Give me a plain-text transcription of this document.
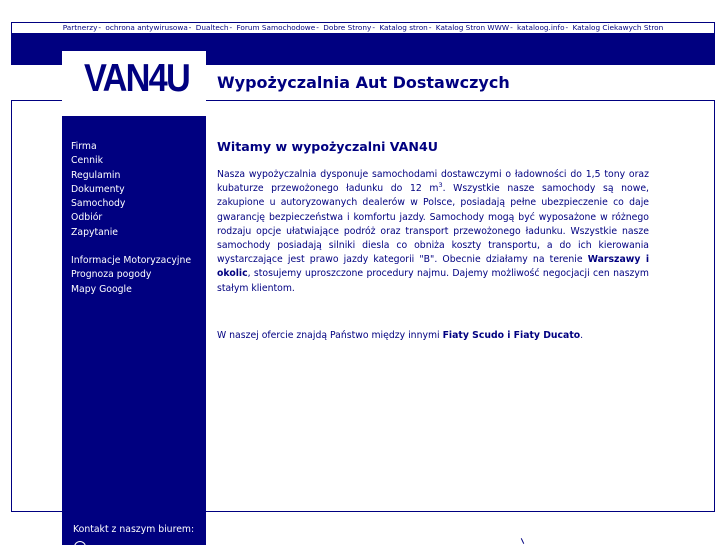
Partnerzy- ochrona antywirusowa- Dualtech- Forum Samochodowe- Dobre Strony- Katalog stron- Katalog Stron WWW- kataloog.info- Katalog Ciekawych Stron
VAN4U Wypożyczalnia Aut Dostawczych
Firma
Cennik
Regulamin
Dokumenty
Samochody
Odbiór
Zapytanie
Informacje Motoryzacyjne
Prognoza pogody
Mapy Google
Kontakt z naszym biurem:
Witamy w wypożyczalni VAN4U

Nasza wypożyczalnia dysponuje samochodami dostawczymi o ładowności do 1,5 tony oraz kubaturze przewożonego ładunku do 12 $m^3$. Wszystkie nasze samochody są nowe, zakupione u autoryzowanych dealerów w Polsce, posiadają pełne ubezpieczenie co daje gwarancję bezpieczeństwa i komfortu jazdy. Samochody mogą być wyposażone w różnego rodzaju opcje ułatwiające podróż oraz transport przewożonego ładunku. Wszystkie nasze samochody posiadają silniki diesla co obniża koszty transportu, a do ich kierowania wystarczające jest prawo jazdy kategorii "B". Obecnie działamy na terenie Warszawy i okolic, stosujemy uproszczone procedury najmu. Dajemy możliwość negocjacji cen naszym stałym klientom.

W naszej ofercie znajdą Państwo między innymi Fiaty Scudo i Fiaty Ducato.
